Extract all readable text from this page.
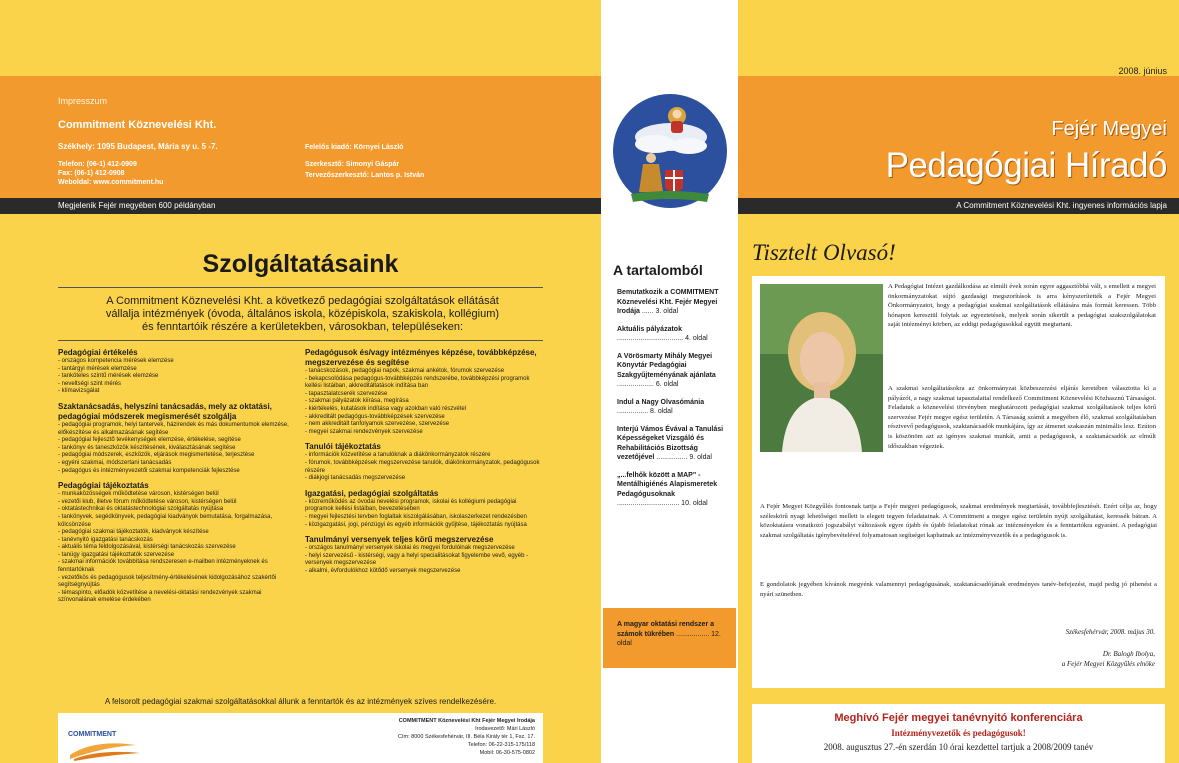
Impresszum
Commitment Köznevelési Kht.
Székhely: 1095 Budapest, Mária sy u. 5 -7.
Telefon: (06-1) 412-0909
Fax: (06-1) 412-0908
Weboldal: www.commitment.hu
Felelős kiadó: Környei László
Szerkesztő: Simonyi Gáspár
Tervezőszerkesztő: Lantos p. István
Megjelenik Fejér megyében 600 példányban
Szolgáltatásaink
A Commitment Köznevelési Kht. a következő pedagógiai szolgáltatások ellátását vállalja intézmények (óvoda, általános iskola, középiskola, szakiskola, kollégium) és fenntartóik részére a kerületekben, városokban, településeken:
Pedagógiai értékelés
- országos kompetencia mérések elemzése
- tantárgyi mérések elemzése
- tanköteles szintű mérések elemzése
- neveltségi szint mérés
- klímavizsgálat
Szaktanácsadás, helyszíni tanácsadás, mely az oktatási, pedagógiai módszerek megismerését szolgálja
- pedagógiai programok, helyi tantervek, házirendek és más dokumentumok elemzése, előkészítése és alkalmazásának segítése
- pedagógiai fejlesztő tevékenységek elemzése, értékelése, segítése
- tankönyv és taneszközök készítésének, kiválasztásának segítése
- pedagógiai módszerek, eszközök, eljárások megismertetése, terjesztése
- egyéni szakmai, módszertani tanácsadás
- pedagógus és intézményvezetői szakmai kompetenciák fejlesztése
Pedagógiai tájékoztatás
- munkaközösségek működtetése városon, kistérségen belül
- vezetői klub, illetve fórum működtetése városon, kistérségen belül
- oktatástechnikai és oktatástechnológiai szolgáltatás nyújtása
- tankönyvek, segédkönyvek, pedagógiai kiadványok bemutatása, forgalmazása, kölcsönzése
- pedagógiai szakmai tájékoztatók, kiadványok készítése
- tanévnyitó igazgatási tanácskozás
- aktuális téma feldolgozásával, kistérségi tanácskozás szervezése
- tanügy igazgatási tájékoztatók szervezése
- szakmai információk továbbítása rendszeresen e-mailben intézményeknek és fenntartóknak
- vezetőkös és pedagógusok teljesítmény-értékelésének kidolgozásához szakértői segítségnyújtás
- témaspinto, előadók közvetítése a nevelési-oktatási rendezvények szakmai színvonalának emelése érdekében
Pedagógusok és/vagy intézményes képzése, továbbképzése, megszervezése és segítése
- tanácskozások, pedagógiai napok, szakmai ankétok, fórumok szervezése
- bekapcsolódása pedagógus-továbbképzés rendszerébe, továbbképzési programok kellési listáiban, akkreditáltatások indítása ban
- tapasztalatcserék szervezése
- szakmai pályázatok kiírása, megírása
- kiértékelés, kutatások indítása vagy azokban való részvétel
- akkreditált pedagógus-továbbképzések szervezése
- nem akkreditált tanfolyamok szervezése, szervezése
- megyei szakmai rendezvények szervezése
Tanulói tájékoztatás
- információk közvetítése a tanulóknak a diákönkormányzatok részére
- fórumok, továbbképzések megszervezése tanulók, diákönkormányzatok, pedagógusok részére
- diákjogi tanácsadás megszervezése
Igazgatási, pedagógiai szolgáltatás
- közreműködés az óvodai nevelési programok, iskolai és kollégiumi pedagógiai programok kellési listáiban, bevezetésében
- megyei fejlesztési tervben foglaltak kiszolgálásában, iskolaszerkezet rendezésben
- közigazgatási, jogi, pénzügyi és egyéb információk gyűjtése, tájékoztatás nyújtása
Tanulmányi versenyek teljes körű megszervezése
- országos tanulmányi versenyek iskolai és megyei fordulóinak megszervezése
- helyi szervezésű - kistérségi, vagy a helyi specialitásokat figyelembe vevő, egyéb - versenyek megszervezése
- alkalmi, évfordulókhoz kötődő versenyek megszervezése
A felsorolt pedagógiai szakmai szolgáltatásokkal állunk a fenntartók és az intézmények szíves rendelkezésére.
COMMITMENT
COMMITMENT Köznevelési Kht Fejér Megyei Irodája
Irodavezető: Mári László
Cím: 8000 Székesfehérvár, III. Béla Király tér 1, Fsz. 17.
Telefon: 06-22-315-175/118
Mobil: 06-30-575-0802
A tartalomból
Bemutatkozik a COMMITMENT Köznevelési Kht. Fejér Megyei Irodája ...... 3. oldal
Aktuális pályázatok .................................. 4. oldal
A Vörösmarty Mihály Megyei Könyvtár Pedagógiai Szakgyűjteményának ajánlata ................... 6. oldal
Indul a Nagy Olvasómánia ................ 8. oldal
Interjú Vámos Évával a Tanulási Képességeket Vizsgáló és Rehabilitációs Bizottság vezetőjével ................ 9. oldal
„...felhők között a MAP" - Mentálhigiénés Alapismeretek Pedagógusoknak ................................ 10. oldal
A magyar oktatási rendszer a számok tükrében ................. 12. oldal
2008. június
Fejér Megyei
Pedagógiai Híradó
A Commitment Köznevelési Kht. ingyenes információs lapja
Tisztelt Olvasó!

A Pedagógiai Intézet gazdálkodása az elmúlt évek során egyre aggasztóbbá vált, s emellett a megyei önkormányzatokat sújtó gazdasági megszorítások is arra kényszerítették a Fejér Megyei Önkormányzatot, hogy a pedagógiai szakmai szolgáltatások ellátására más formát keressen. Több hónapon keresztül folytak az egyeztetések, melyek során sikerült a pedagógiai szakszolgálatokat saját intézményi körben, az eddigi pedagógusokkal együtt megtartani.

A szakmai szolgáltatásokra az önkormányzat közbeszerzési eljárás keretében választotta ki a pályázót, a nagy szakmai tapasztalattal rendelkező Commitment Köznevelési Közhasznú Társaságot. Feladatuk a köznevelési törvényben meghatározott pedagógiai szakmai szolgáltatások teljes körű szervezése Fejér megye egész területén. A Társaság számít a megyében élő, szakmai szolgáltatásban résztvevő pedagógusok, szaktanácsadók munkájára, így az átmenet szakaszán minimális lesz. Ezúton is köszönöm azt az igényes szakmai munkát, amit a pedagógusok, a szaktanácsadók az elmúlt időszakban végeztek.

A Fejér Megyei Közgyűlés fontosnak tartja a Fejér megyei pedagógusok, szakmai eredmények megtartását, továbbfejlesztését. Ezért célja az, hogy széleskörű nyagi lehetőségei mellett is elegett tegyen feladatainak. A Commitment a megye egész területén nyújt szolgáltatást, keressék bátran. A közoktatásra vonatkozó jogszabályi változások egyre újabb és újabb feladatokat rónak az intézményekre és a fenntartókra egyaránt. A pedagógiai szakmai szolgáltatás igénybevételével folyamatosan segítséget kaphatnak az intézményvezetők és a pedagógusok is.

E gondolatok jegyében kívánok megyénk valamennyi pedagógusának, szaktanácsadójának eredményes tanév-befejezést, majd pedig jó pihenést a nyári szünetben.

Székesfehérvár, 2008. május 30.
Dr. Balogh Ibolya,
a Fejér Megyei Közgyűlés elnöke
Meghívó Fejér megyei tanévnyitó konferenciára
Intézményvezetők és pedagógusok!
2008. augusztus 27.-én szerdán 10 órai kezdettel tartjuk a 2008/2009 tanév
